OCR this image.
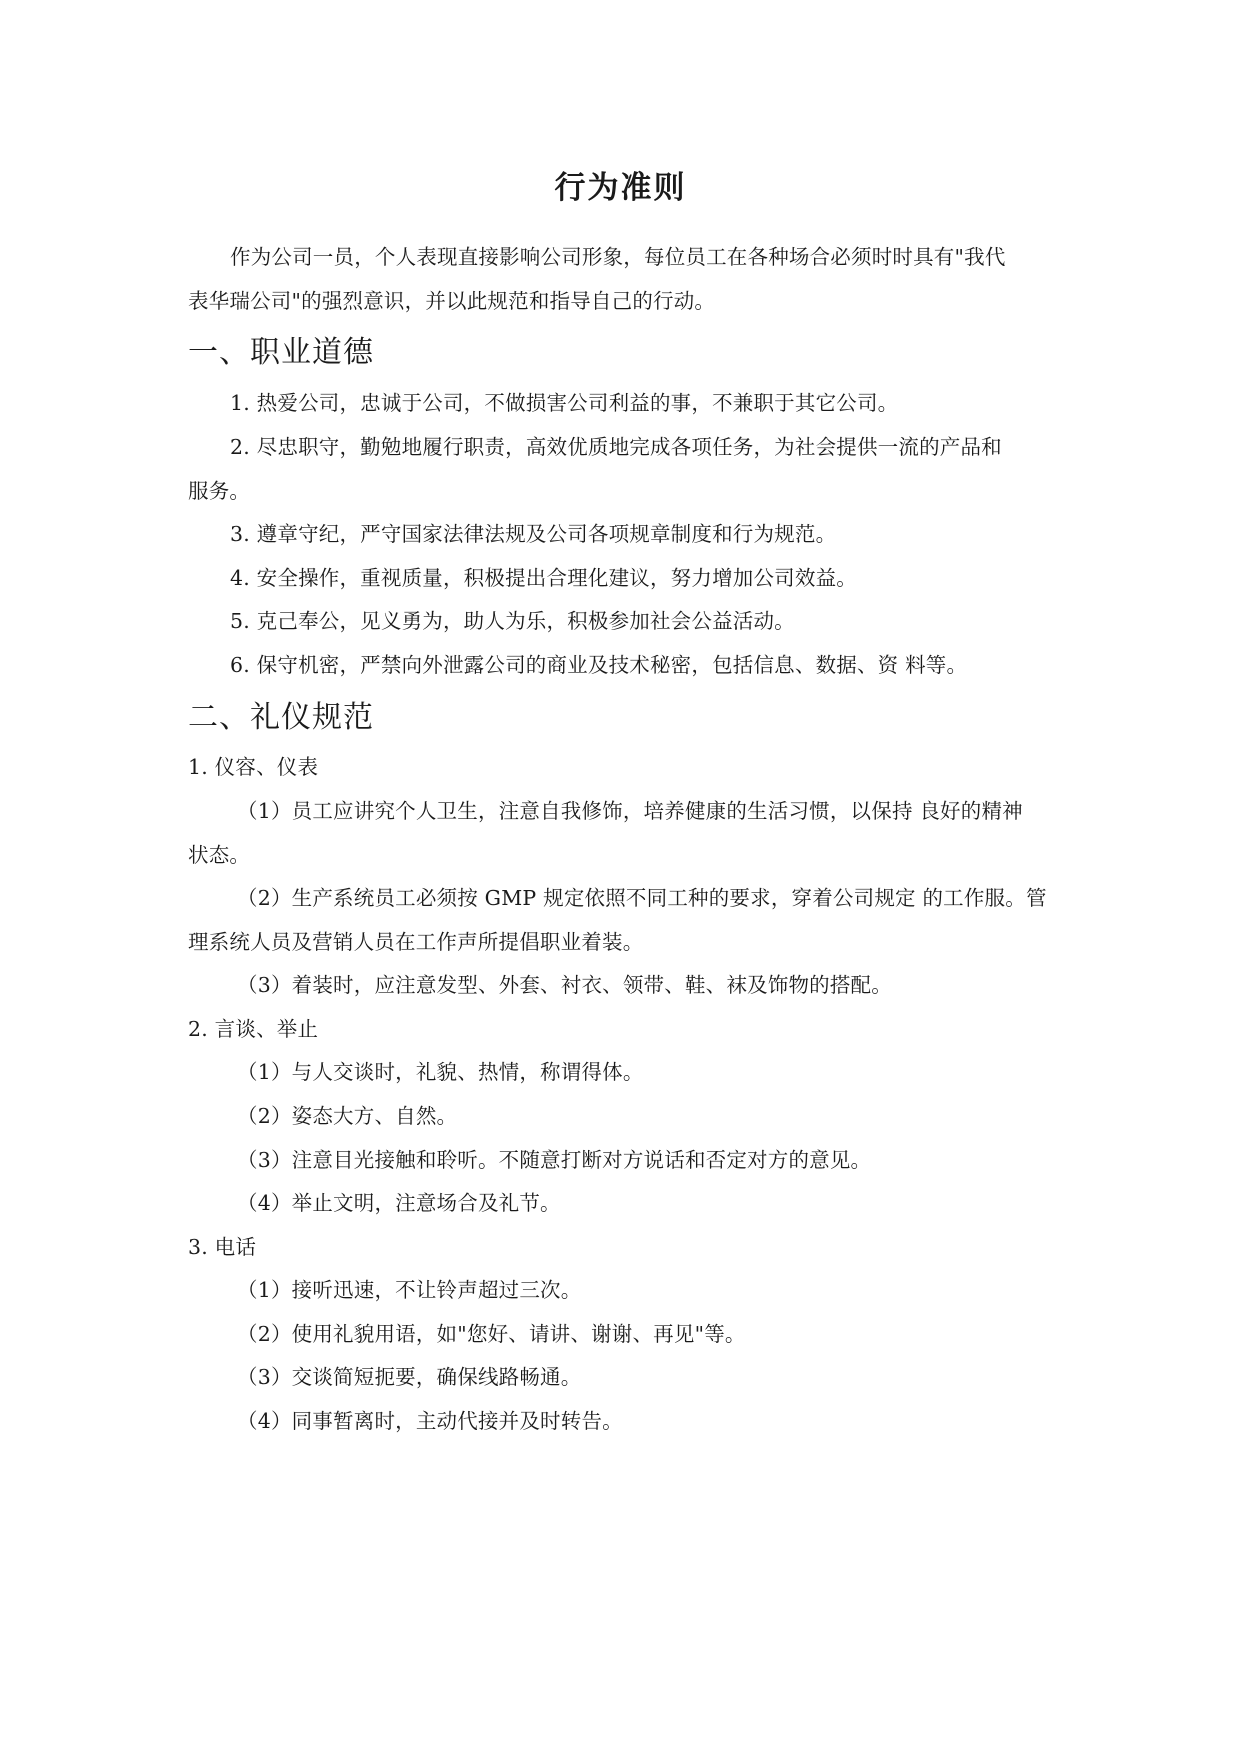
行为准则
作为公司一员，个人表现直接影响公司形象，每位员工在各种场合必须时时具有"我代
表华瑞公司"的强烈意识，并以此规范和指导自己的行动。
一、职业道德
1. 热爱公司，忠诚于公司，不做损害公司利益的事，不兼职于其它公司。
2. 尽忠职守，勤勉地履行职责，高效优质地完成各项任务，为社会提供一流的产品和
服务。
3. 遵章守纪，严守国家法律法规及公司各项规章制度和行为规范。
4. 安全操作，重视质量，积极提出合理化建议，努力增加公司效益。
5. 克己奉公，见义勇为，助人为乐，积极参加社会公益活动。
6. 保守机密，严禁向外泄露公司的商业及技术秘密，包括信息、数据、资 料等。
二、礼仪规范
1. 仪容、仪表
（1）员工应讲究个人卫生，注意自我修饰，培养健康的生活习惯，以保持 良好的精神
状态。
（2）生产系统员工必须按 GMP 规定依照不同工种的要求，穿着公司规定 的工作服。管
理系统人员及营销人员在工作声所提倡职业着装。
（3）着装时，应注意发型、外套、衬衣、领带、鞋、袜及饰物的搭配。
2. 言谈、举止
（1）与人交谈时，礼貌、热情，称谓得体。
（2）姿态大方、自然。
（3）注意目光接触和聆听。不随意打断对方说话和否定对方的意见。
（4）举止文明，注意场合及礼节。
3. 电话
（1）接听迅速，不让铃声超过三次。
（2）使用礼貌用语，如"您好、请讲、谢谢、再见"等。
（3）交谈简短扼要，确保线路畅通。
（4）同事暂离时，主动代接并及时转告。
